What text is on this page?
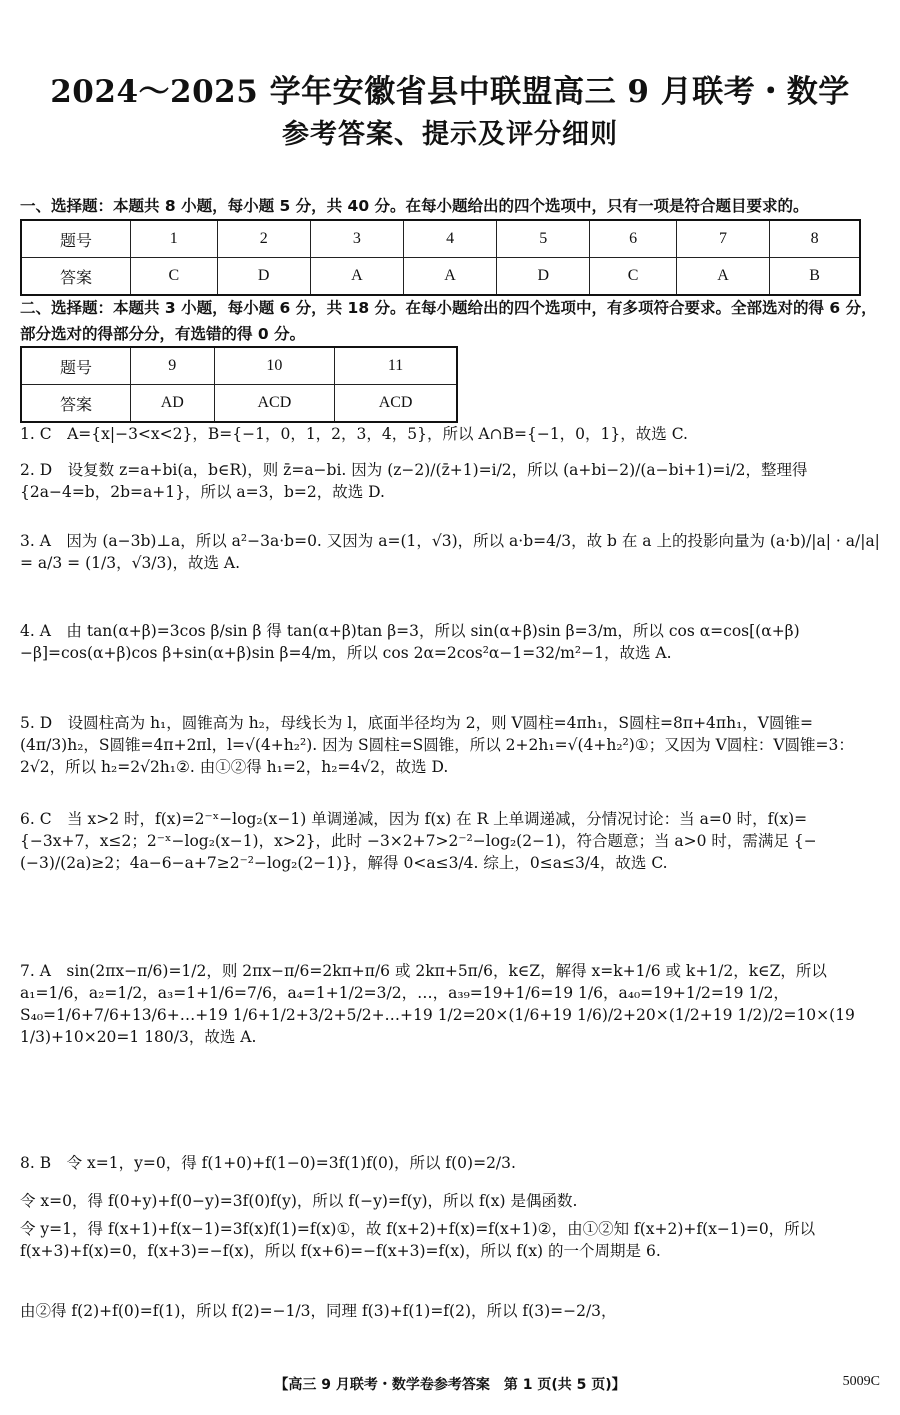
2024～2025 学年安徽省县中联盟高三 9 月联考・数学
参考答案、提示及评分细则
一、选择题：本题共 8 小题，每小题 5 分，共 40 分。在每小题给出的四个选项中，只有一项是符合题目要求的。
题号	1	2	3	4	5	6	7	8
答案	C	D	A	A	D	C	A	B
二、选择题：本题共 3 小题，每小题 6 分，共 18 分。在每小题给出的四个选项中，有多项符合要求。全部选对的得 6 分，部分选对的得部分分，有选错的得 0 分。
题号	9	10	11
答案	AD	ACD	ACD
1. C　A={x|−3<x<2}，B={−1，0，1，2，3，4，5}，所以 A∩B={−1，0，1}，故选 C.
2. D　设复数 z=a+bi(a，b∈R)，则 z̄=a−bi. 因为 (z−2)/(z̄+1)=i/2，所以 (a+bi−2)/(a−bi+1)=i/2，整理得 {2a−4=b，2b=a+1}，所以 a=3，b=2，故选 D.
3. A　因为 (a−3b)⊥a，所以 a²−3a·b=0. 又因为 a=(1，√3)，所以 a·b=4/3，故 b 在 a 上的投影向量为 (a·b)/|a| · a/|a| = a/3 = (1/3，√3/3)，故选 A.
4. A　由 tan(α+β)=3cos β/sin β 得 tan(α+β)tan β=3，所以 sin(α+β)sin β=3/m，所以 cos α=cos[(α+β)−β]=cos(α+β)cos β+sin(α+β)sin β=4/m，所以 cos 2α=2cos²α−1=32/m²−1，故选 A.
5. D　设圆柱高为 h₁，圆锥高为 h₂，母线长为 l，底面半径均为 2，则 V圆柱=4πh₁，S圆柱=8π+4πh₁，V圆锥=(4π/3)h₂，S圆锥=4π+2πl，l=√(4+h₂²). 因为 S圆柱=S圆锥，所以 2+2h₁=√(4+h₂²)①；又因为 V圆柱：V圆锥=3：2√2，所以 h₂=2√2h₁②. 由①②得 h₁=2，h₂=4√2，故选 D.
6. C　当 x>2 时，f(x)=2⁻ˣ−log₂(x−1) 单调递减，因为 f(x) 在 R 上单调递减，分情况讨论：当 a=0 时，f(x)={−3x+7，x≤2；2⁻ˣ−log₂(x−1)，x>2}，此时 −3×2+7>2⁻²−log₂(2−1)，符合题意；当 a>0 时，需满足 {−(−3)/(2a)≥2；4a−6−a+7≥2⁻²−log₂(2−1)}，解得 0<a≤3/4. 综上，0≤a≤3/4，故选 C.
7. A　sin(2πx−π/6)=1/2，则 2πx−π/6=2kπ+π/6 或 2kπ+5π/6，k∈Z，解得 x=k+1/6 或 k+1/2，k∈Z，所以 a₁=1/6，a₂=1/2，a₃=1+1/6=7/6，a₄=1+1/2=3/2，…，a₃₉=19+1/6=19 1/6，a₄₀=19+1/2=19 1/2，S₄₀=1/6+7/6+13/6+…+19 1/6+1/2+3/2+5/2+…+19 1/2=20×(1/6+19 1/6)/2+20×(1/2+19 1/2)/2=10×(19 1/3)+10×20=1 180/3，故选 A.
8. B　令 x=1，y=0，得 f(1+0)+f(1−0)=3f(1)f(0)，所以 f(0)=2/3.
令 x=0，得 f(0+y)+f(0−y)=3f(0)f(y)，所以 f(−y)=f(y)，所以 f(x) 是偶函数.
令 y=1，得 f(x+1)+f(x−1)=3f(x)f(1)=f(x)①，故 f(x+2)+f(x)=f(x+1)②，由①②知 f(x+2)+f(x−1)=0，所以 f(x+3)+f(x)=0，f(x+3)=−f(x)，所以 f(x+6)=−f(x+3)=f(x)，所以 f(x) 的一个周期是 6.
由②得 f(2)+f(0)=f(1)，所以 f(2)=−1/3，同理 f(3)+f(1)=f(2)，所以 f(3)=−2/3，
【高三 9 月联考・数学卷参考答案　第 1 页(共 5 页)】	5009C
